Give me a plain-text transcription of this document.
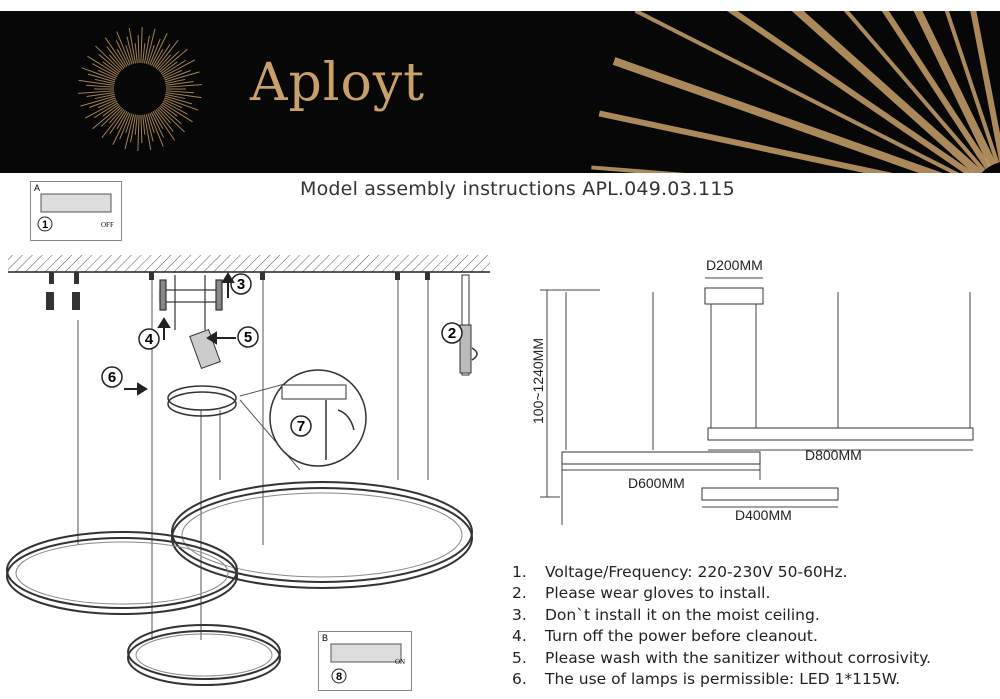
Aployt
Model assembly instructions APL.049.03.115
2
3
4	5
6
7
D200MM
D800MM
D600MM
D400MM
100~1240MM
A
1	OFF
B
8
ON
1.	Voltage/Frequency: 220-230V 50-60Hz.
2.	Please wear gloves to install.
3.	Don`t install it on the moist ceiling.
4.	Turn off the power before cleanout.
5.	Please wash with the sanitizer without corrosivity.
6.	The use of lamps is permissible: LED 1*115W.
